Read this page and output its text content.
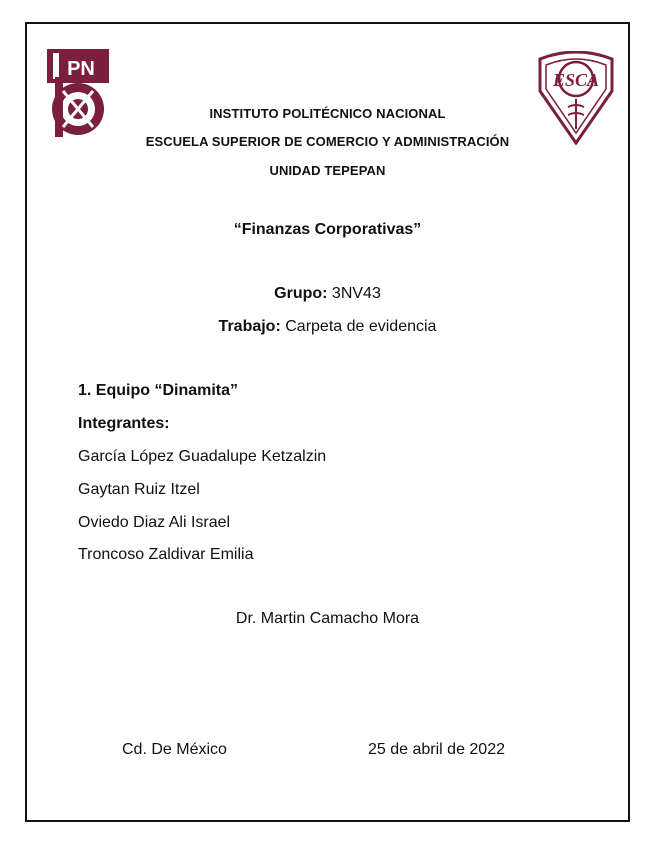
PN	ESCA
INSTITUTO POLITÉCNICO NACIONAL
ESCUELA SUPERIOR DE COMERCIO Y ADMINISTRACIÓN
UNIDAD TEPEPAN
“Finanzas Corporativas”
Grupo: 3NV43
Trabajo: Carpeta de evidencia
1. Equipo “Dinamita”
Integrantes:
García López Guadalupe Ketzalzin
Gaytan Ruiz Itzel
Oviedo Diaz Ali Israel
Troncoso Zaldivar Emilia
Dr. Martin Camacho Mora
Cd. De México	25 de abril de 2022
